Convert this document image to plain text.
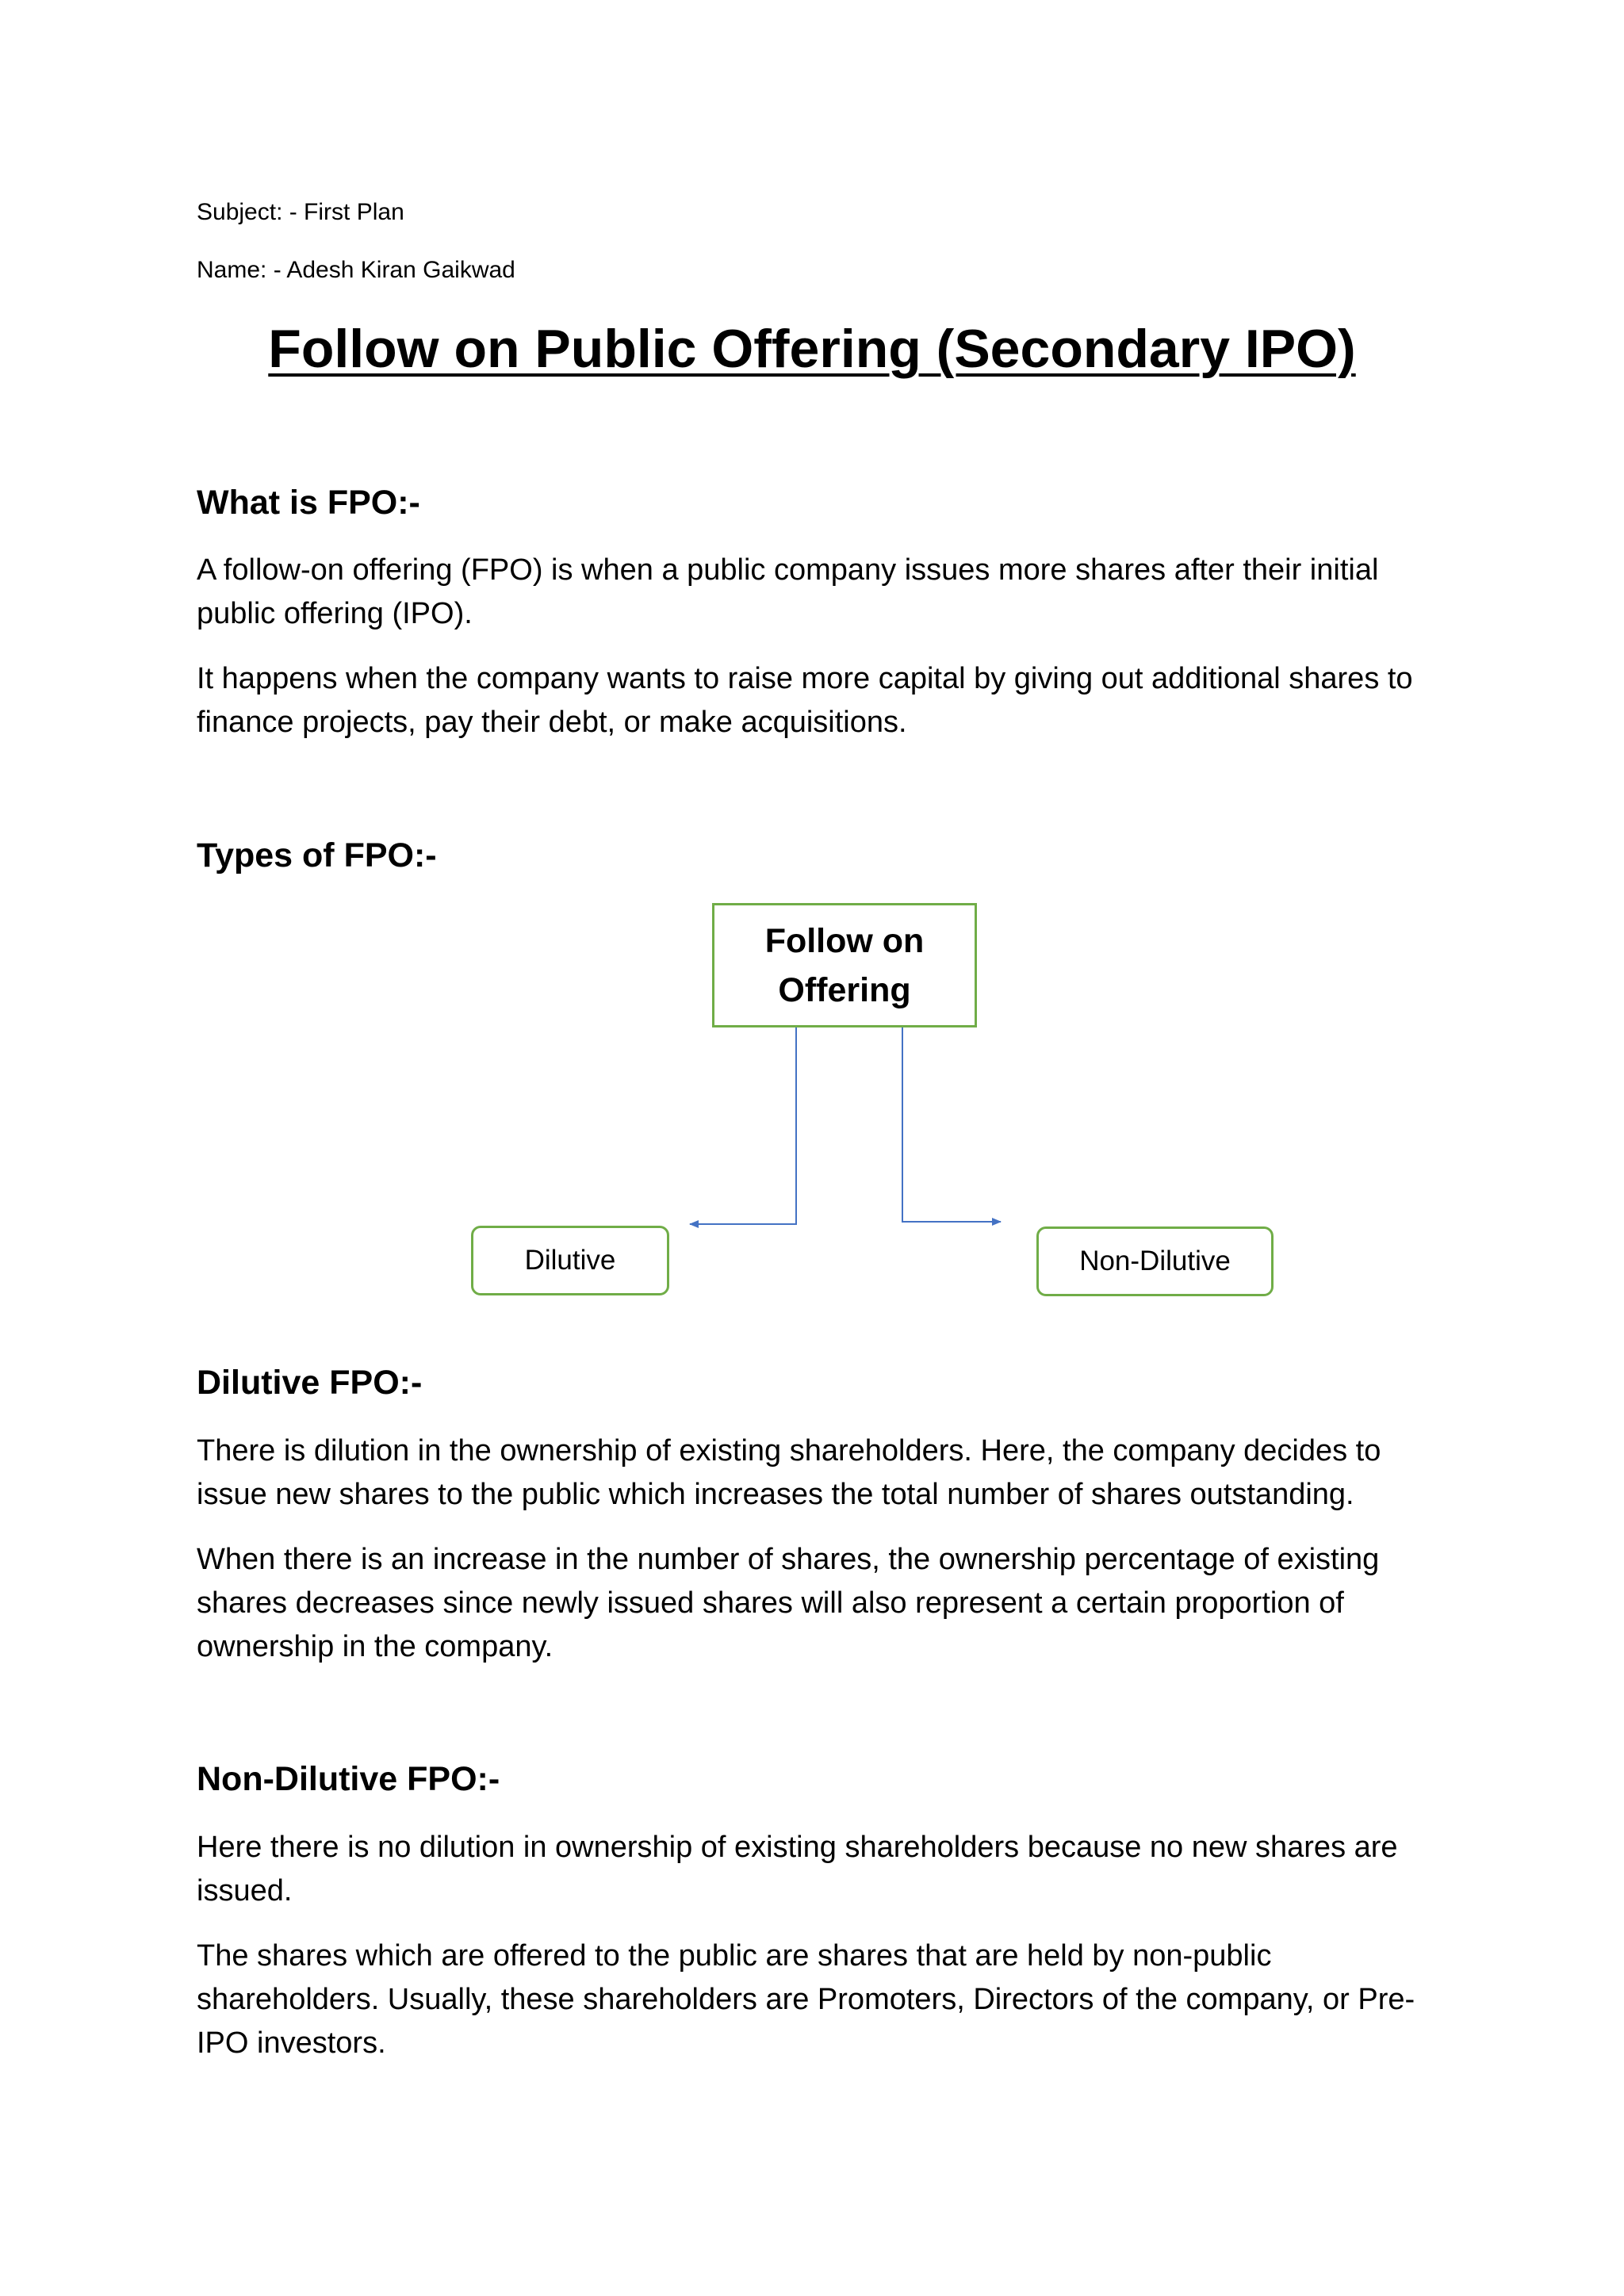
Subject: - First Plan
Name: - Adesh Kiran Gaikwad
Follow on Public Offering (Secondary IPO)
What is FPO:-

A follow-on offering (FPO) is when a public company issues more shares after their initial public offering (IPO).

It happens when the company wants to raise more capital by giving out additional shares to finance projects, pay their debt, or make acquisitions.

Types of FPO:-
Follow on Offering
Dilutive	Non-Dilutive
Dilutive FPO:-

There is dilution in the ownership of existing shareholders. Here, the company decides to issue new shares to the public which increases the total number of shares outstanding.

When there is an increase in the number of shares, the ownership percentage of existing shares decreases since newly issued shares will also represent a certain proportion of ownership in the company.

Non-Dilutive FPO:-

Here there is no dilution in ownership of existing shareholders because no new shares are issued.

The shares which are offered to the public are shares that are held by non-public shareholders. Usually, these shareholders are Promoters, Directors of the company, or Pre-IPO investors.
